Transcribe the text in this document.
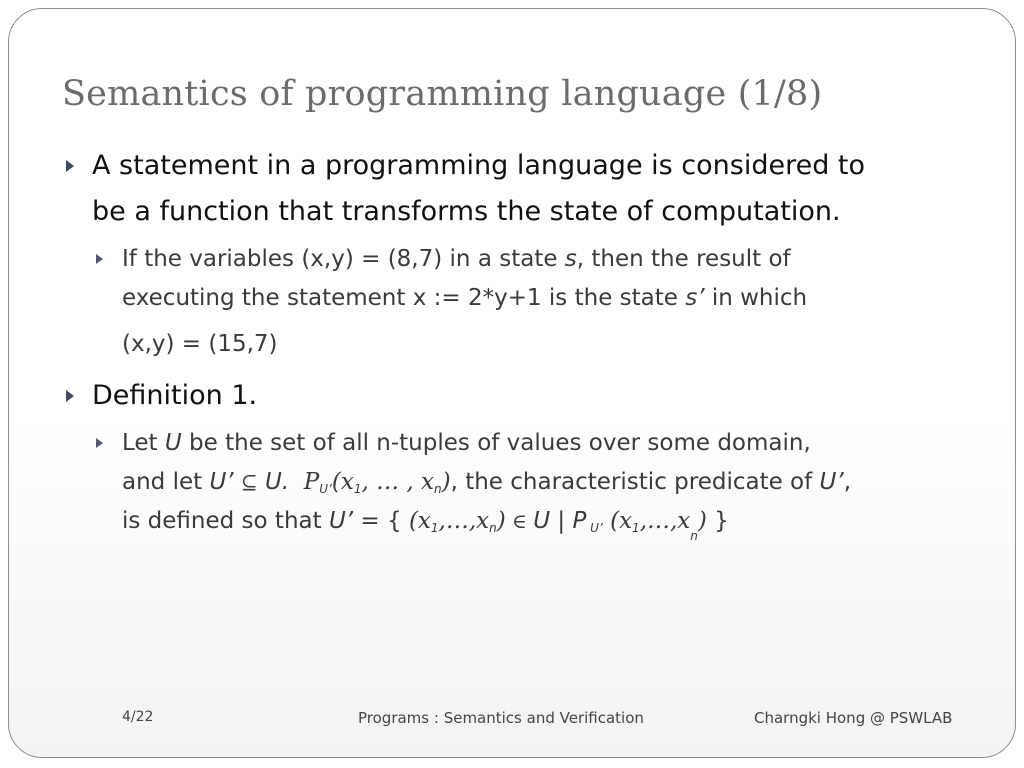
Semantics of programming language (1/8)
A statement in a programming language is considered to
be a function that transforms the state of computation.
If the variables (x,y) = (8,7) in a state s, then the result of
executing the statement x := 2*y+1 is the state s’ in which
(x,y) = (15,7)
Definition 1.
Let U be the set of all n-tuples of values over some domain,
and let U’ ⊆ U. $P_{U’}(x_1$, … , $x_n$), the characteristic predicate of U’,
is defined so that U’ = { $(x_1,\dots,x_n)$ ∈ U | P $_{U’}$ $(x_1,\dots,x_n)$ }
4/22	Programs : Semantics and Verification	Charngki Hong @ PSWLAB
